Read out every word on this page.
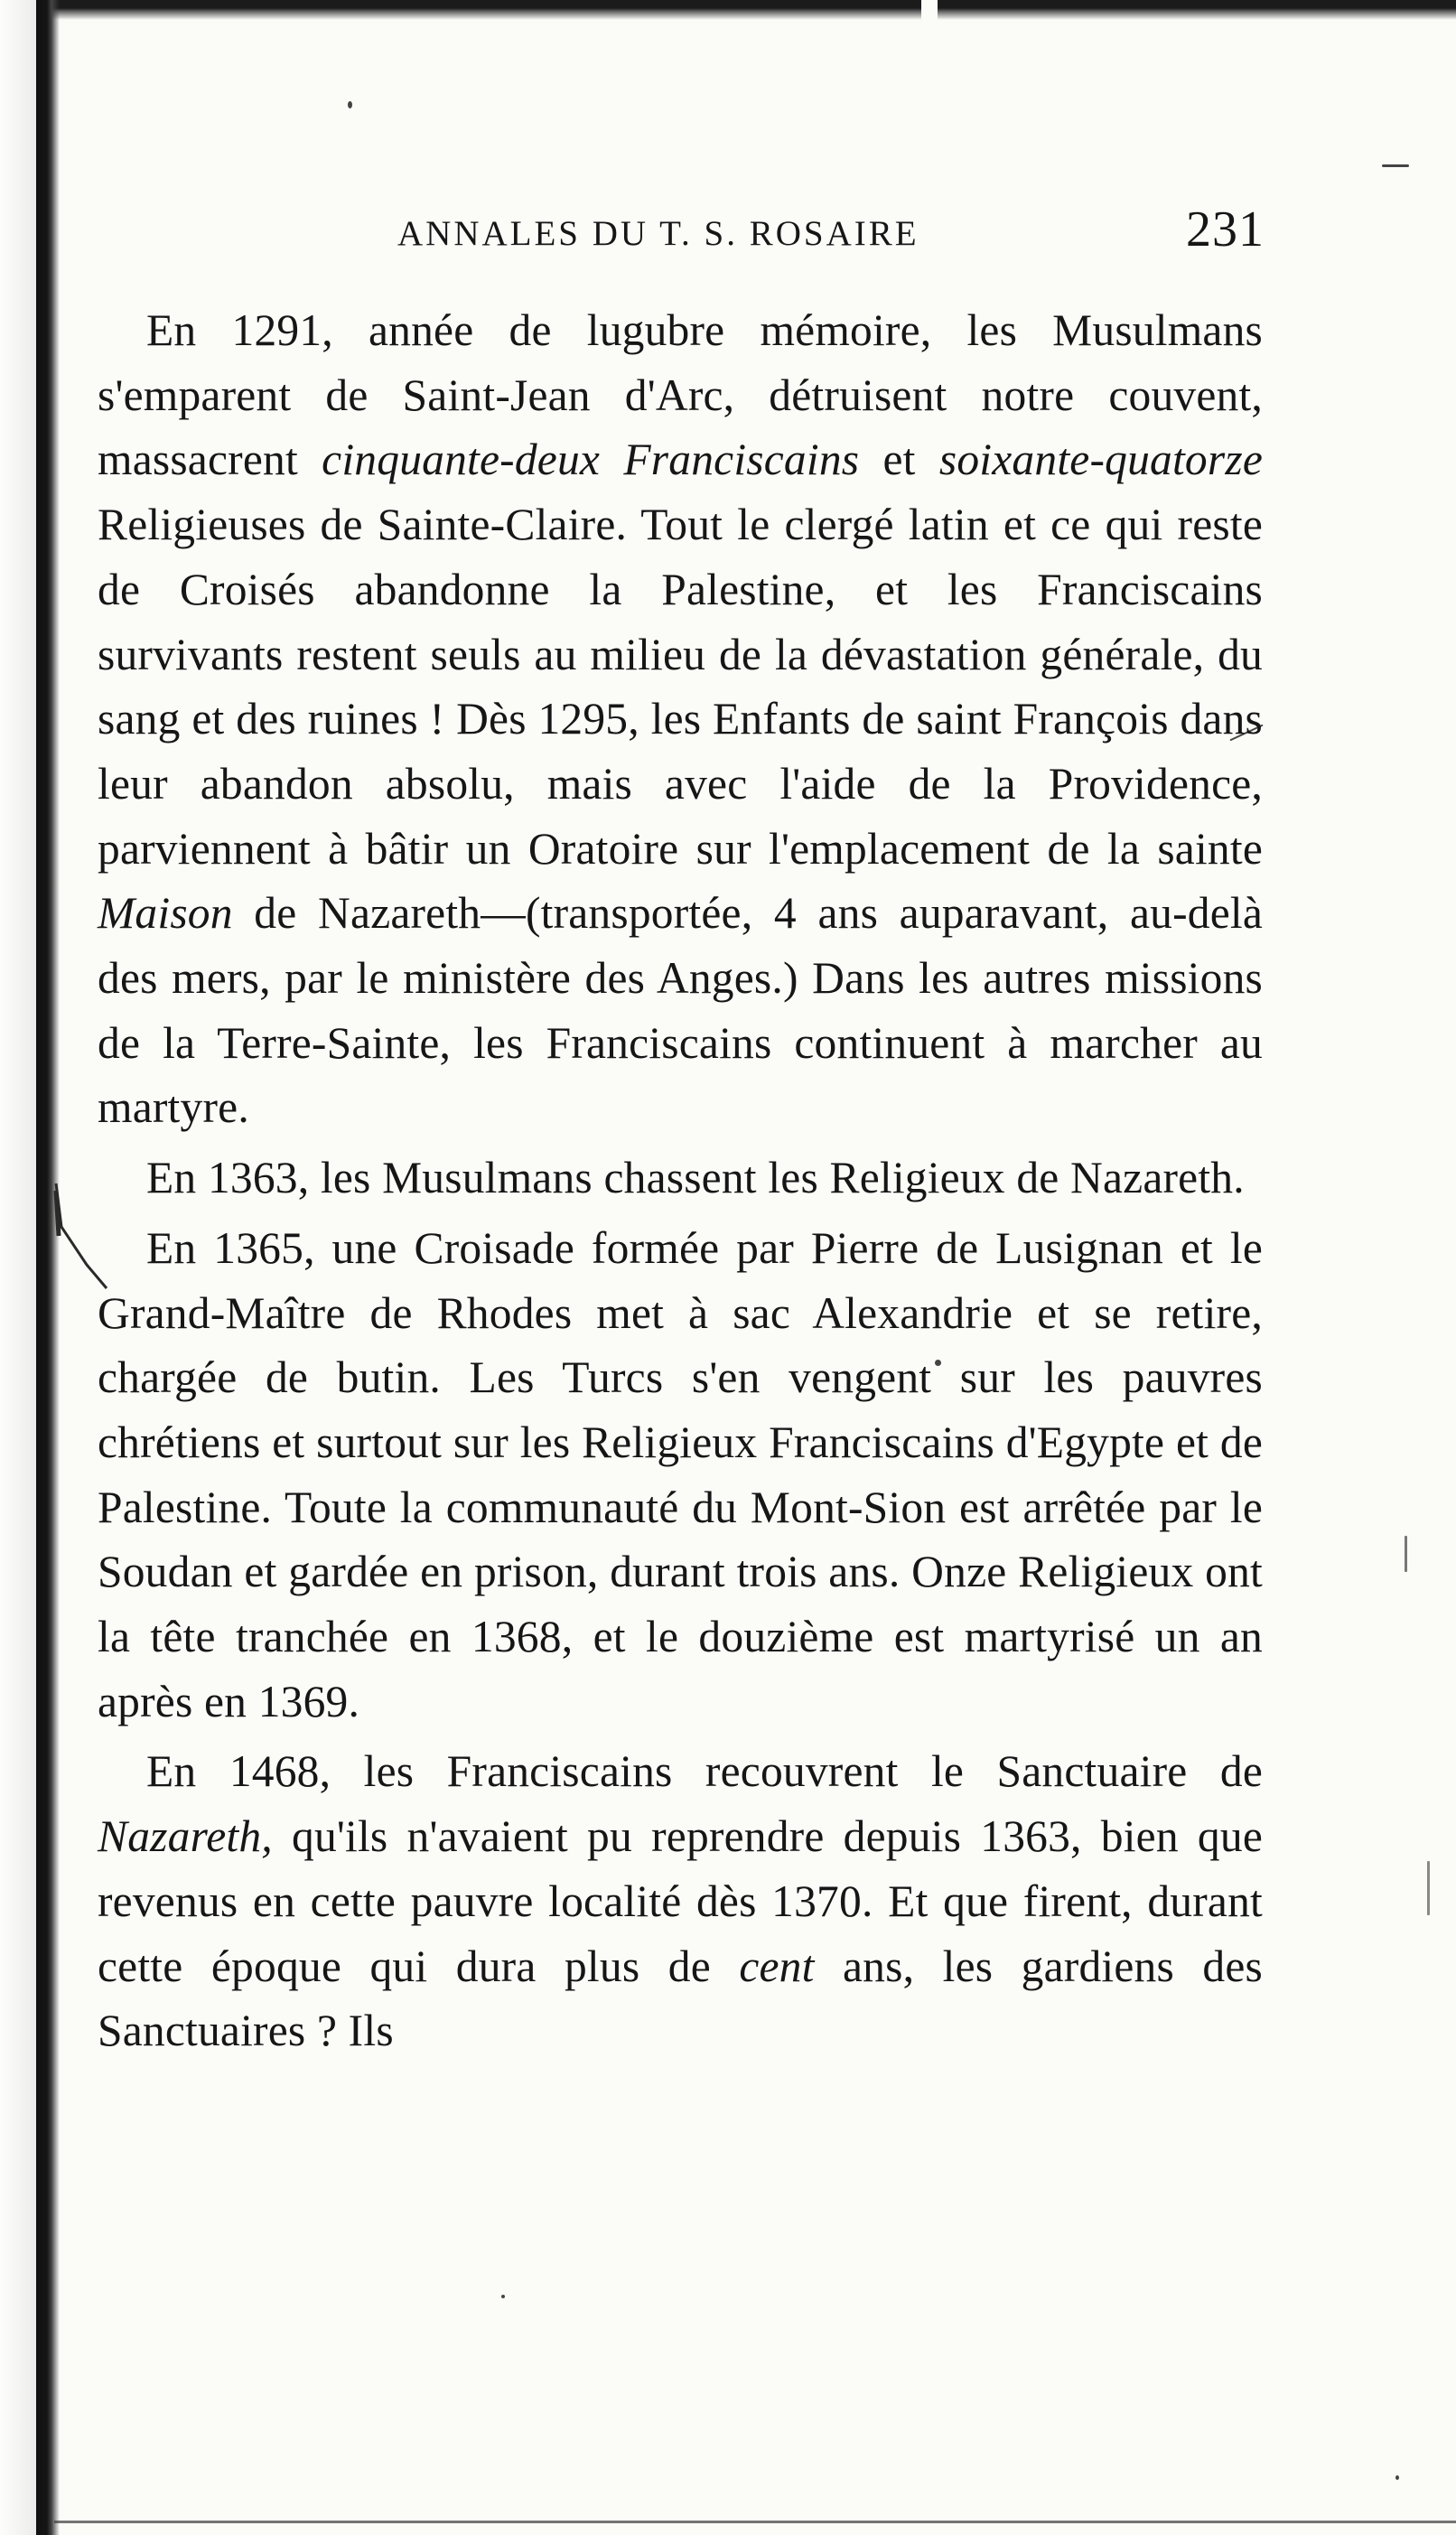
ANNALES DU T. S. ROSAIRE	231

En 1291, année de lugubre mémoire, les Musulmans s'emparent de Saint-Jean d'Arc, détruisent notre couvent, massacrent cinquante-deux Franciscains et soixante-quatorze Religieuses de Sainte-Claire. Tout le clergé latin et ce qui reste de Croisés abandonne la Palestine, et les Franciscains survivants restent seuls au milieu de la dévastation générale, du sang et des ruines ! Dès 1295, les Enfants de saint François dans leur abandon absolu, mais avec l'aide de la Providence, parviennent à bâtir un Oratoire sur l'emplacement de la sainte Maison de Nazareth—(transportée, 4 ans auparavant, au-delà des mers, par le ministère des Anges.) Dans les autres missions de la Terre-Sainte, les Franciscains continuent à marcher au martyre.

En 1363, les Musulmans chassent les Religieux de Nazareth.

En 1365, une Croisade formée par Pierre de Lusignan et le Grand-Maître de Rhodes met à sac Alexandrie et se retire, chargée de butin. Les Turcs s'en vengent sur les pauvres chrétiens et surtout sur les Religieux Franciscains d'Egypte et de Palestine. Toute la communauté du Mont-Sion est arrêtée par le Soudan et gardée en prison, durant trois ans. Onze Religieux ont la tête tranchée en 1368, et le douzième est martyrisé un an après en 1369.

En 1468, les Franciscains recouvrent le Sanctuaire de Nazareth, qu'ils n'avaient pu reprendre depuis 1363, bien que revenus en cette pauvre localité dès 1370. Et que firent, durant cette époque qui dura plus de cent ans, les gardiens des Sanctuaires ? Ils
